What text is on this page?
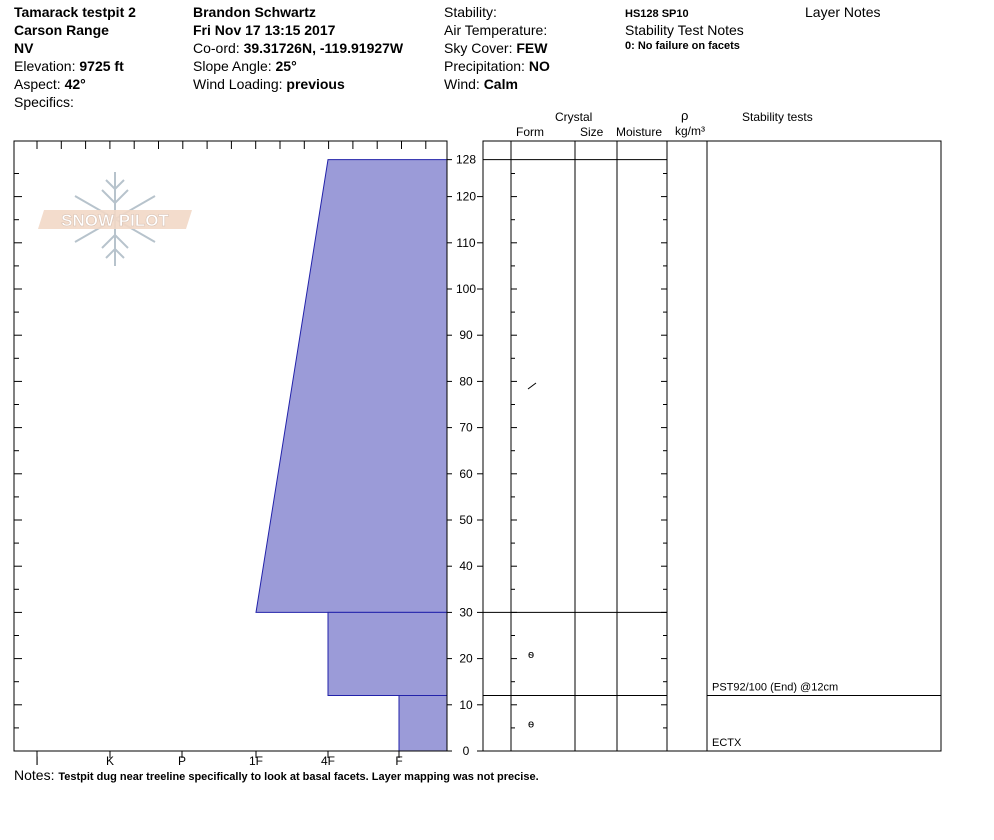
Tamarack testpit 2
Carson Range
NV
Elevation: 9725 ft
Aspect: 42°
Specifics:
Brandon Schwartz
Fri Nov 17 13:15 2017
Co-ord: 39.31726N, -119.91927W
Slope Angle: 25°
Wind Loading: previous
Stability:
Air Temperature:
Sky Cover: FEW
Precipitation: NO
Wind: Calm
HS128 SP10
Stability Test Notes
0: No failure on facets
Layer Notes
Crystal
Form	Size Moisture
ρ
kg/m³
Stability tests
SNOW PILOT
I	K	P	1F	4F	F
0
10
20
30
40
50
60
70
80
90
100
110
120
128
ѳ
ѳ
PST92/100 (End) @12cm
ECTX
Notes: Testpit dug near treeline specifically to look at basal facets. Layer mapping was not precise.
